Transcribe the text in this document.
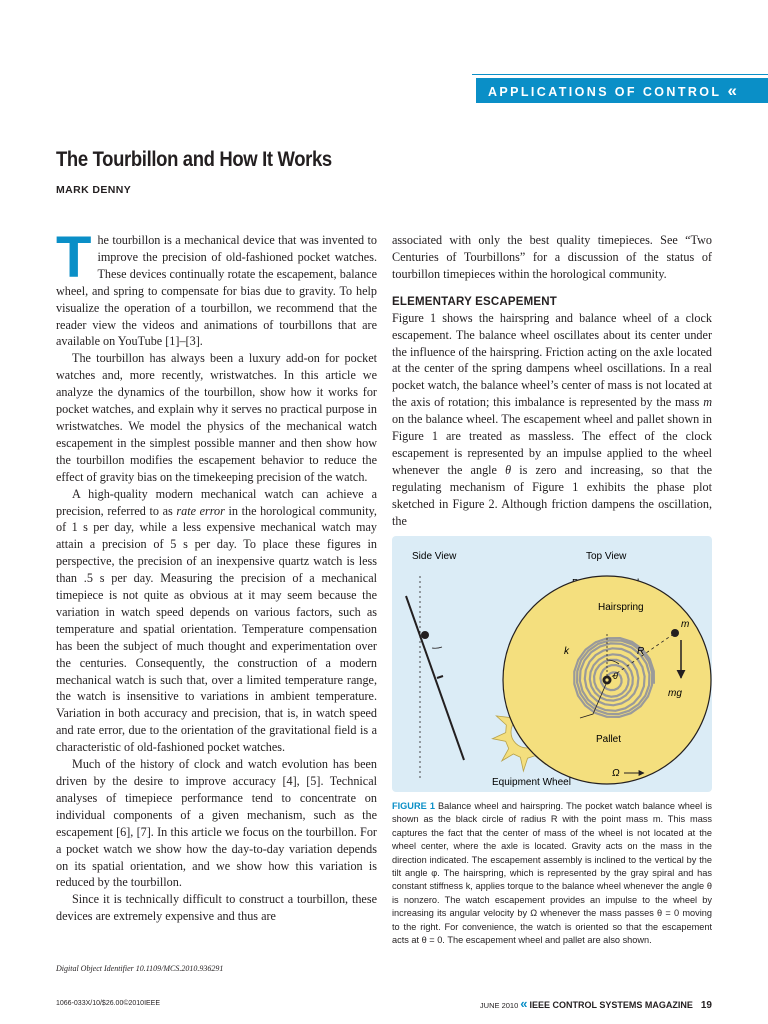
APPLICATIONS OF CONTROL «
The Tourbillon and How It Works
MARK DENNY

The tourbillon is a mechanical device that was invented to improve the precision of old-fashioned pocket watches. These devices continually rotate the escapement, balance wheel, and spring to compensate for bias due to gravity. To help visualize the operation of a tourbillon, we recommend that the reader view the videos and animations of tourbillons that are available on YouTube [1]–[3].

The tourbillon has always been a luxury add-on for pocket watches and, more recently, wristwatches. In this article we analyze the dynamics of the tourbillon, show how it works for pocket watches, and explain why it serves no practical purpose in wristwatches. We model the physics of the mechanical watch escapement in the simplest possible manner and then show how the tourbillon modifies the escapement behavior to reduce the effect of gravity bias on the timekeeping precision of the watch.

A high-quality modern mechanical watch can achieve a precision, referred to as rate error in the horological community, of 1 s per day, while a less expensive mechanical watch may attain a precision of 5 s per day. To place these figures in perspective, the precision of an inexpensive quartz watch is less than .5 s per day. Measuring the precision of a mechanical timepiece is not quite as obvious at it may seem because the variation in watch speed depends on various factors, such as temperature and spatial orientation. Temperature compensation has been the subject of much thought and experimentation over the centuries. Consequently, the construction of a modern mechanical watch is such that, over a limited temperature range, the watch is insensitive to variations in ambient temperature. Variation in both accuracy and precision, that is, in watch speed and rate error, due to the orientation of the gravitational field is a characteristic of old-fashioned pocket watches.

Much of the history of clock and watch evolution has been driven by the desire to improve accuracy [4], [5]. Technical analyses of timepiece performance tend to concentrate on individual components of a given mechanism, such as the escapement [6], [7]. In this article we focus on the tourbillon. For a pocket watch we show how the day-to-day variation depends on its spatial orientation, and we show how this variation is reduced by the tourbillon.

Since it is technically difficult to construct a tourbillon, these devices are extremely expensive and thus are

associated with only the best quality timepieces. See “Two Centuries of Tourbillons” for a discussion of the status of tourbillon timepieces within the horological community.

ELEMENTARY ESCAPEMENT

Figure 1 shows the hairspring and balance wheel of a clock escapement. The balance wheel oscillates about its center under the influence of the hairspring. Friction acting on the axle located at the center of the spring dampens wheel oscillations. In a real pocket watch, the balance wheel’s center of mass is not located at the axis of rotation; this imbalance is represented by the mass m on the balance wheel. The escapement wheel and pallet shown in Figure 1 are treated as massless. The effect of the clock escapement is represented by an impulse applied to the wheel whenever the angle θ is zero and increasing, so that the regulating mechanism of Figure 1 exhibits the phase plot sketched in Figure 2. Although friction dampens the oscillation, the

Side View	Top View
Hairspring
k	R
θ
m
mg
Pallet
Ω
Equipment Wheel
FIGURE 1 Balance wheel and hairspring. The pocket watch balance wheel is shown as the black circle of radius R with the point mass m. This mass captures the fact that the center of mass of the wheel is not located at the wheel center, where the axle is located. Gravity acts on the mass in the direction indicated. The escapement assembly is inclined to the vertical by the tilt angle φ. The hairspring, which is represented by the gray spiral and has constant stiffness k, applies torque to the balance wheel whenever the angle θ is nonzero. The watch escapement provides an impulse to the wheel by increasing its angular velocity by Ω whenever the mass passes θ = 0 moving to the right. For convenience, the watch is oriented so that the escapement acts at θ = 0. The escapement wheel and pallet are also shown.
Digital Object Identifier 10.1109/MCS.2010.936291
1066-033X/10/$26.00©2010IEEE	JUNE 2010 « IEEE CONTROL SYSTEMS MAGAZINE 19
